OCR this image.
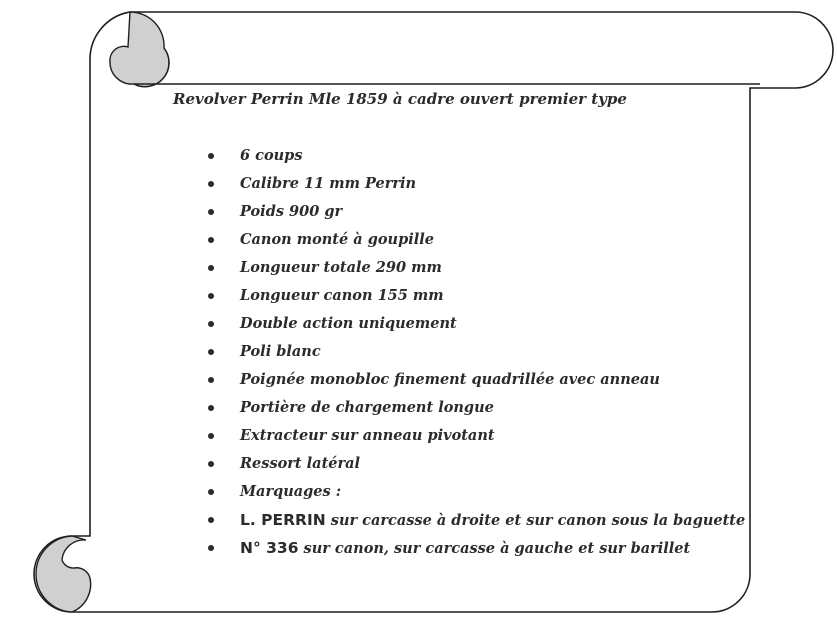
Revolver Perrin Mle 1859 à cadre ouvert premier type
6 coups
Calibre 11 mm Perrin
Poids 900 gr
Canon monté à goupille
Longueur totale 290 mm
Longueur canon 155 mm
Double action uniquement
Poli blanc
Poignée monobloc finement quadrillée avec anneau
Portière de chargement longue
Extracteur sur anneau pivotant
Ressort latéral
Marquages :
L. PERRIN sur carcasse à droite et sur canon sous la baguette
N° 336 sur canon, sur carcasse à gauche et sur barillet
